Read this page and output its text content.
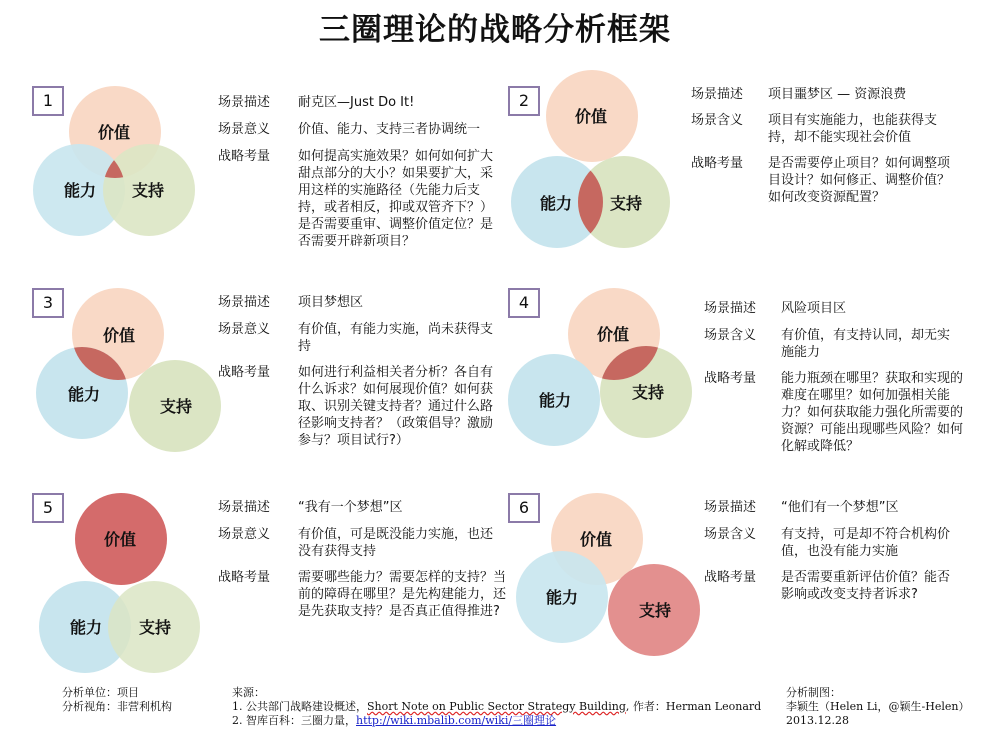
三圈理论的战略分析框架
1
价值
能力 支持
场景描述 耐克区—Just Do It!
场景意义 价值、能力、支持三者协调统一
战略考量 如何提高实施效果？如何如何扩大甜点部分的大小？如果要扩大，采用这样的实施路径（先能力后支持，或者相反，抑或双管齐下？）是否需要重审、调整价值定位？是否需要开辟新项目？
2
价值
能力 支持
场景描述 项目噩梦区 — 资源浪费
场景含义 项目有实施能力，也能获得支持，却不能实现社会价值
战略考量 是否需要停止项目？如何调整项目设计？如何修正、调整价值？如何改变资源配置？
3
价值
能力
支持
场景描述 项目梦想区
场景意义 有价值，有能力实施，尚未获得支持
战略考量 如何进行利益相关者分析？各自有什么诉求？如何展现价值？如何获取、识别关键支持者？通过什么路径影响支持者？（政策倡导？激励参与？项目试行?）
4
价值
能力	支持
场景描述 风险项目区
场景含义 有价值，有支持认同，却无实施能力
战略考量 能力瓶颈在哪里？获取和实现的难度在哪里？如何加强相关能力？如何获取能力强化所需要的资源？可能出现哪些风险？如何化解或降低？
5
价值
能力 支持
场景描述 “我有一个梦想”区
场景意义 有价值，可是既没能力实施，也还没有获得支持
战略考量 需要哪些能力？需要怎样的支持？当前的障碍在哪里？是先构建能力，还是先获取支持？是否真正值得推进?
6
价值
能力
支持
场景描述 “他们有一个梦想”区
场景含义 有支持，可是却不符合机构价值，也没有能力实施
战略考量 是否需要重新评估价值？能否影响或改变支持者诉求?
分析单位：项目
分析视角：非营利机构
来源：
1. 公共部门战略建设概述，Short Note on Public Sector Strategy Building, 作者：Herman Leonard
2. 智库百科：三圈力量，http://wiki.mbalib.com/wiki/三圈理论
分析制图：
李颖生（Helen Li，@颖生-Helen）
2013.12.28
